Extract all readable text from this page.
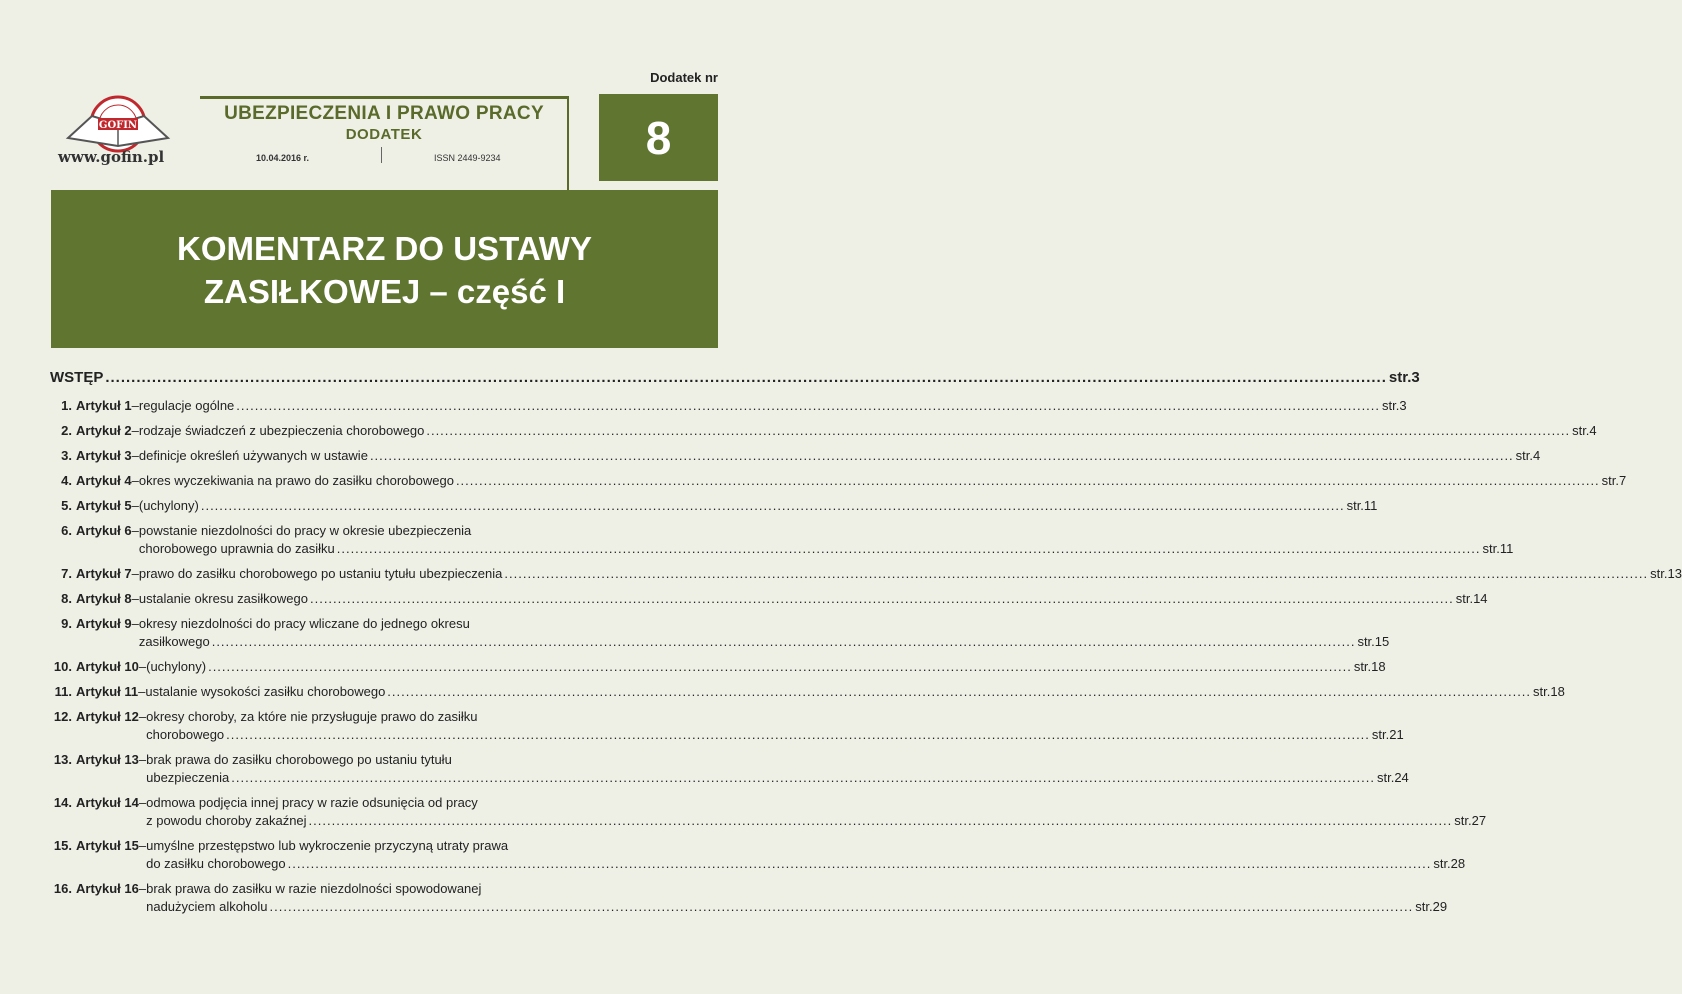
GOFIN
www.gofin.pl
UBEZPIECZENIA I PRAWO PRACY
DODATEK
10.04.2016 r.	ISSN 2449-9234
Dodatek nr
8
KOMENTARZ DO USTAWY
ZASIŁKOWEJ – część I
WSTĘP .....	str. 3
1. Artykuł 1 – regulacje ogólne .....	str. 3
2. Artykuł 2 – rodzaje świadczeń z ubezpieczenia chorobowego .....	str. 4
3. Artykuł 3 – definicje określeń używanych w ustawie .....	str. 4
4. Artykuł 4 – okres wyczekiwania na prawo do zasiłku chorobowego .....	str. 7
5. Artykuł 5 – (uchylony) .....	str. 11
6. Artykuł 6 – powstanie niezdolności do pracy w okresie ubezpieczenia
chorobowego uprawnia do zasiłku .....	str. 11
7. Artykuł 7 – prawo do zasiłku chorobowego po ustaniu tytułu ubezpieczenia .....	str. 13
8. Artykuł 8 – ustalanie okresu zasiłkowego .....	str. 14
9. Artykuł 9 – okresy niezdolności do pracy wliczane do jednego okresu
zasiłkowego .....	str. 15
10. Artykuł 10 – (uchylony) .....	str. 18
11. Artykuł 11 – ustalanie wysokości zasiłku chorobowego .....	str. 18
12. Artykuł 12 – okresy choroby, za które nie przysługuje prawo do zasiłku
chorobowego .....	str. 21
13. Artykuł 13 – brak prawa do zasiłku chorobowego po ustaniu tytułu
ubezpieczenia .....	str. 24
14. Artykuł 14 – odmowa podjęcia innej pracy w razie odsunięcia od pracy
z powodu choroby zakaźnej .....	str. 27
15. Artykuł 15 – umyślne przestępstwo lub wykroczenie przyczyną utraty prawa
do zasiłku chorobowego .....	str. 28
16. Artykuł 16 – brak prawa do zasiłku w razie niezdolności spowodowanej
nadużyciem alkoholu .....	str. 29
